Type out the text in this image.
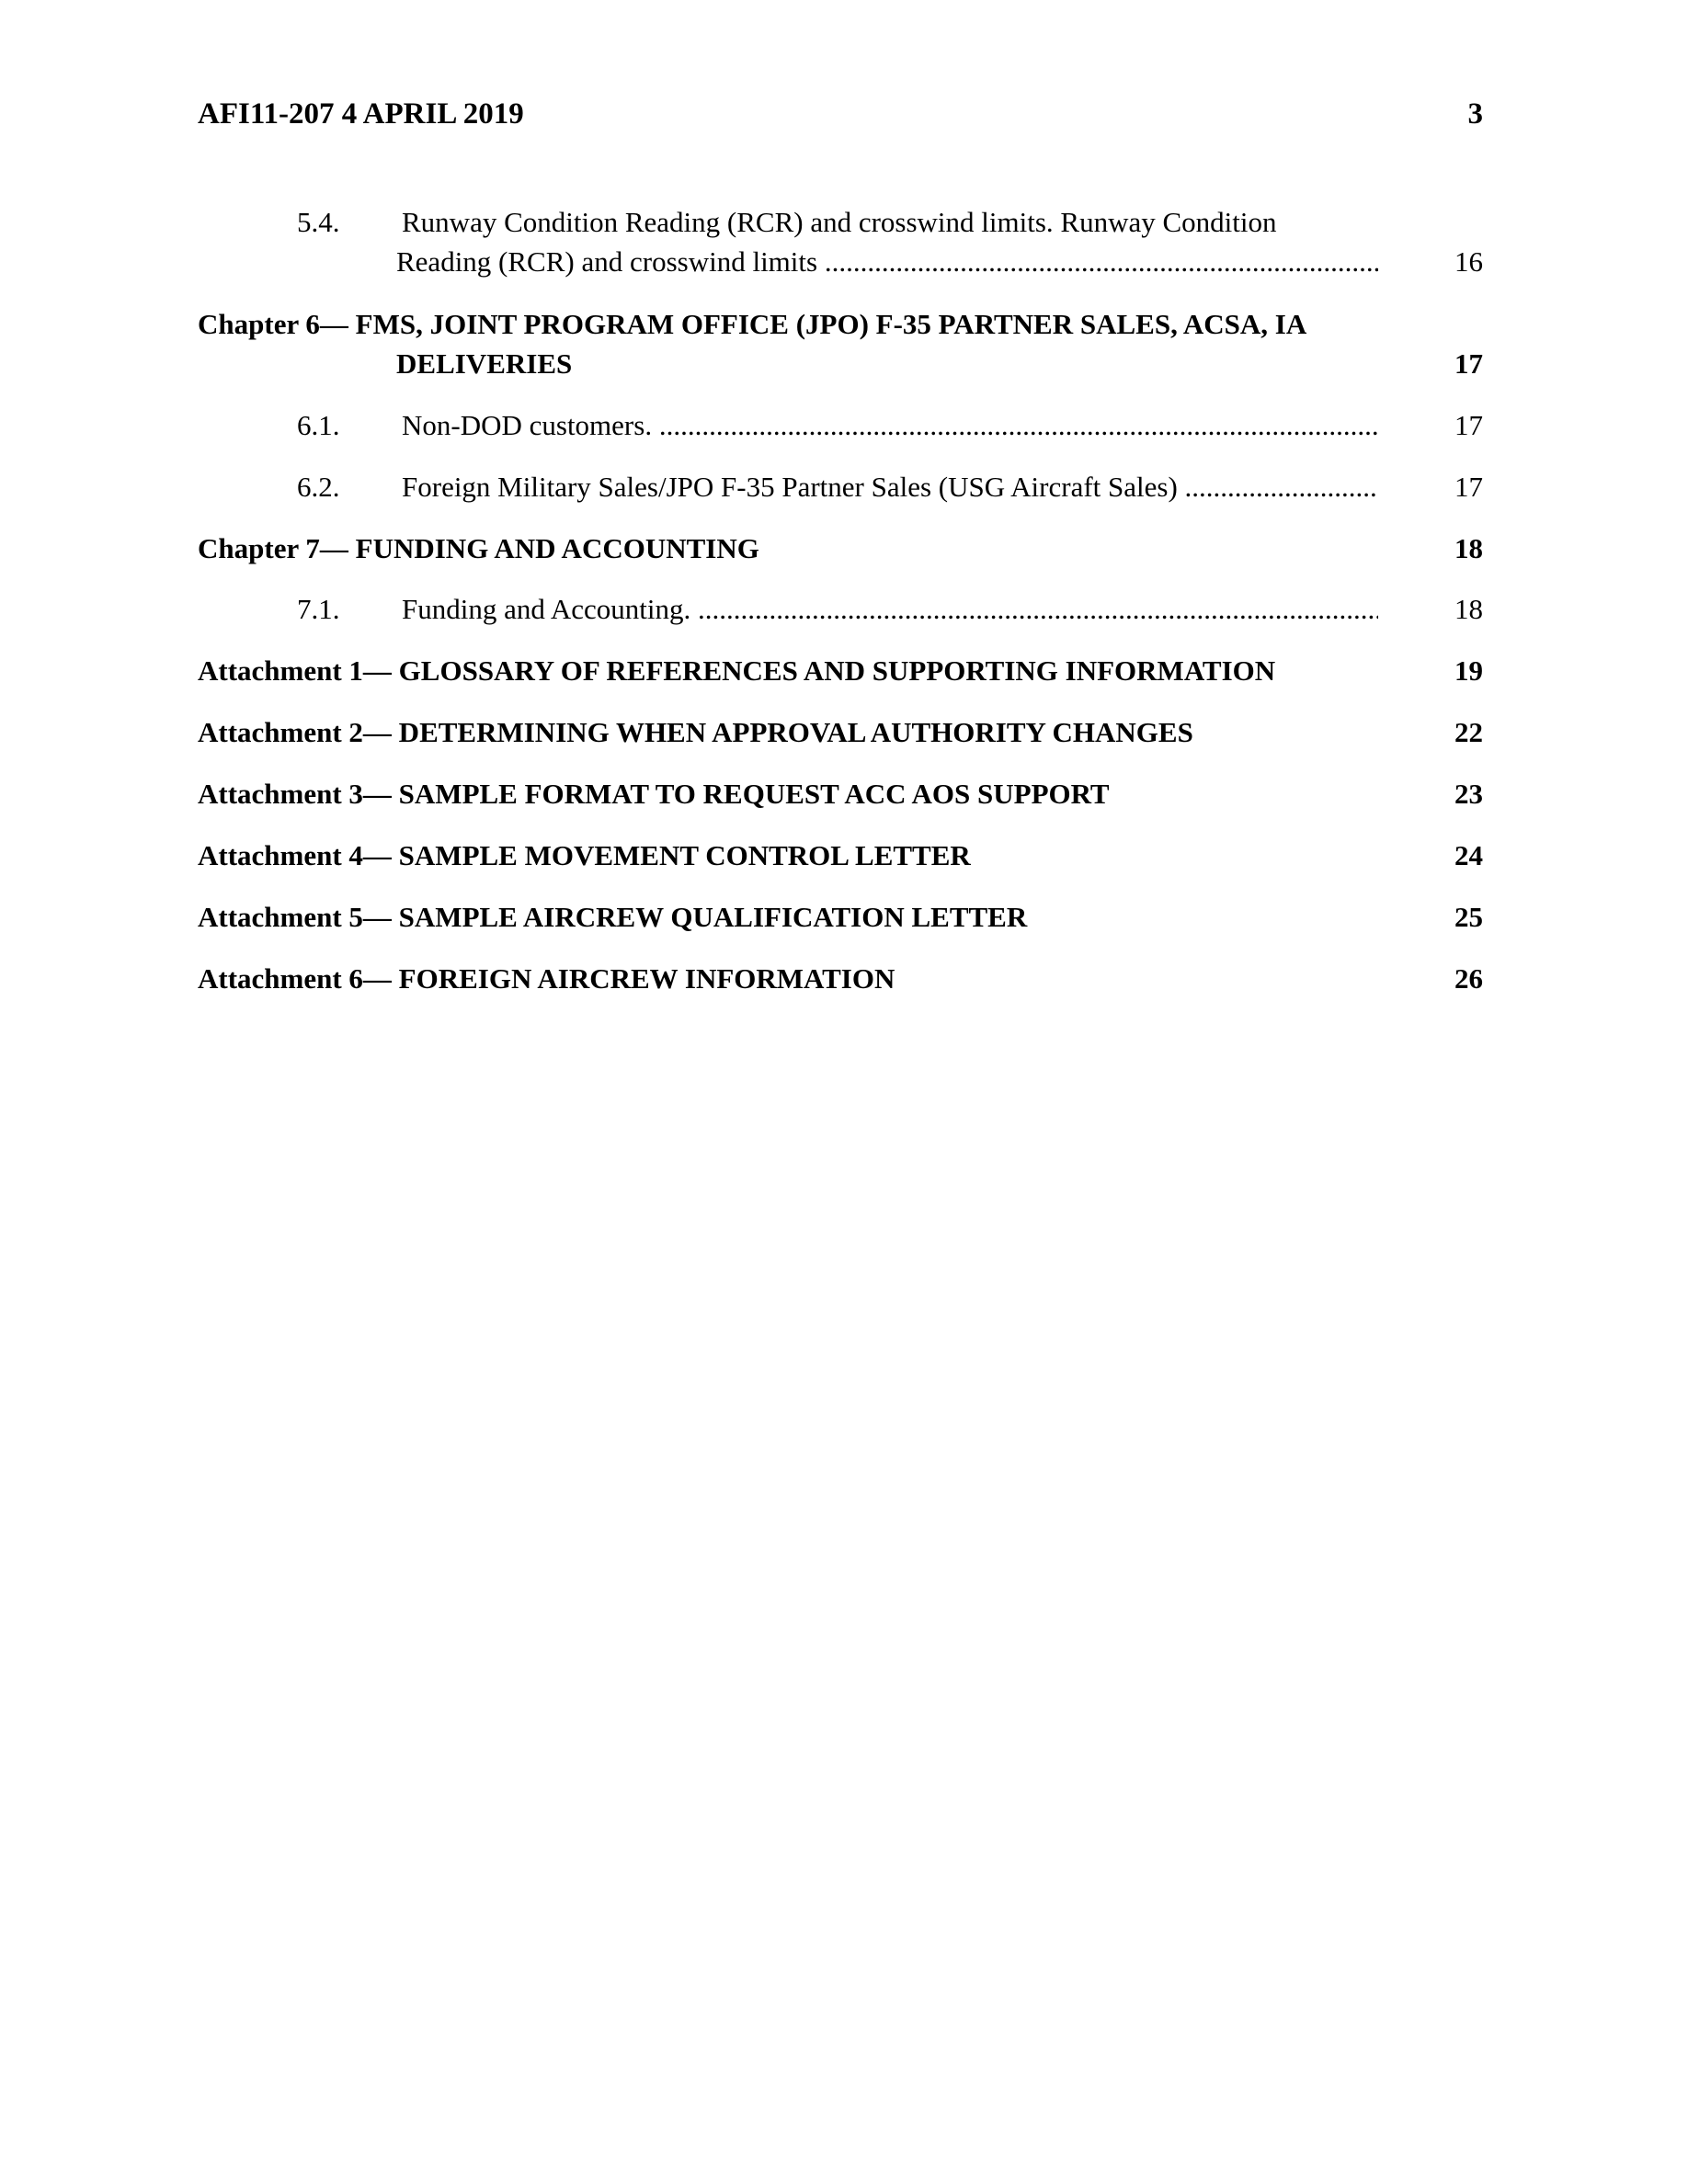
AFI11-207 4 APRIL 2019	3
5.4. Runway Condition Reading (RCR) and crosswind limits. Runway Condition
Reading (RCR) and crosswind limits .....	16
Chapter 6— FMS, JOINT PROGRAM OFFICE (JPO) F-35 PARTNER SALES, ACSA, IA
DELIVERIES	17
6.1. Non-DOD customers. .....	17
6.2. Foreign Military Sales/JPO F-35 Partner Sales (USG Aircraft Sales) .....	17
Chapter 7— FUNDING AND ACCOUNTING	18
7.1. Funding and Accounting. .....	18
Attachment 1— GLOSSARY OF REFERENCES AND SUPPORTING INFORMATION	19
Attachment 2— DETERMINING WHEN APPROVAL AUTHORITY CHANGES	22
Attachment 3— SAMPLE FORMAT TO REQUEST ACC AOS SUPPORT	23
Attachment 4— SAMPLE MOVEMENT CONTROL LETTER	24
Attachment 5— SAMPLE AIRCREW QUALIFICATION LETTER	25
Attachment 6— FOREIGN AIRCREW INFORMATION	26
